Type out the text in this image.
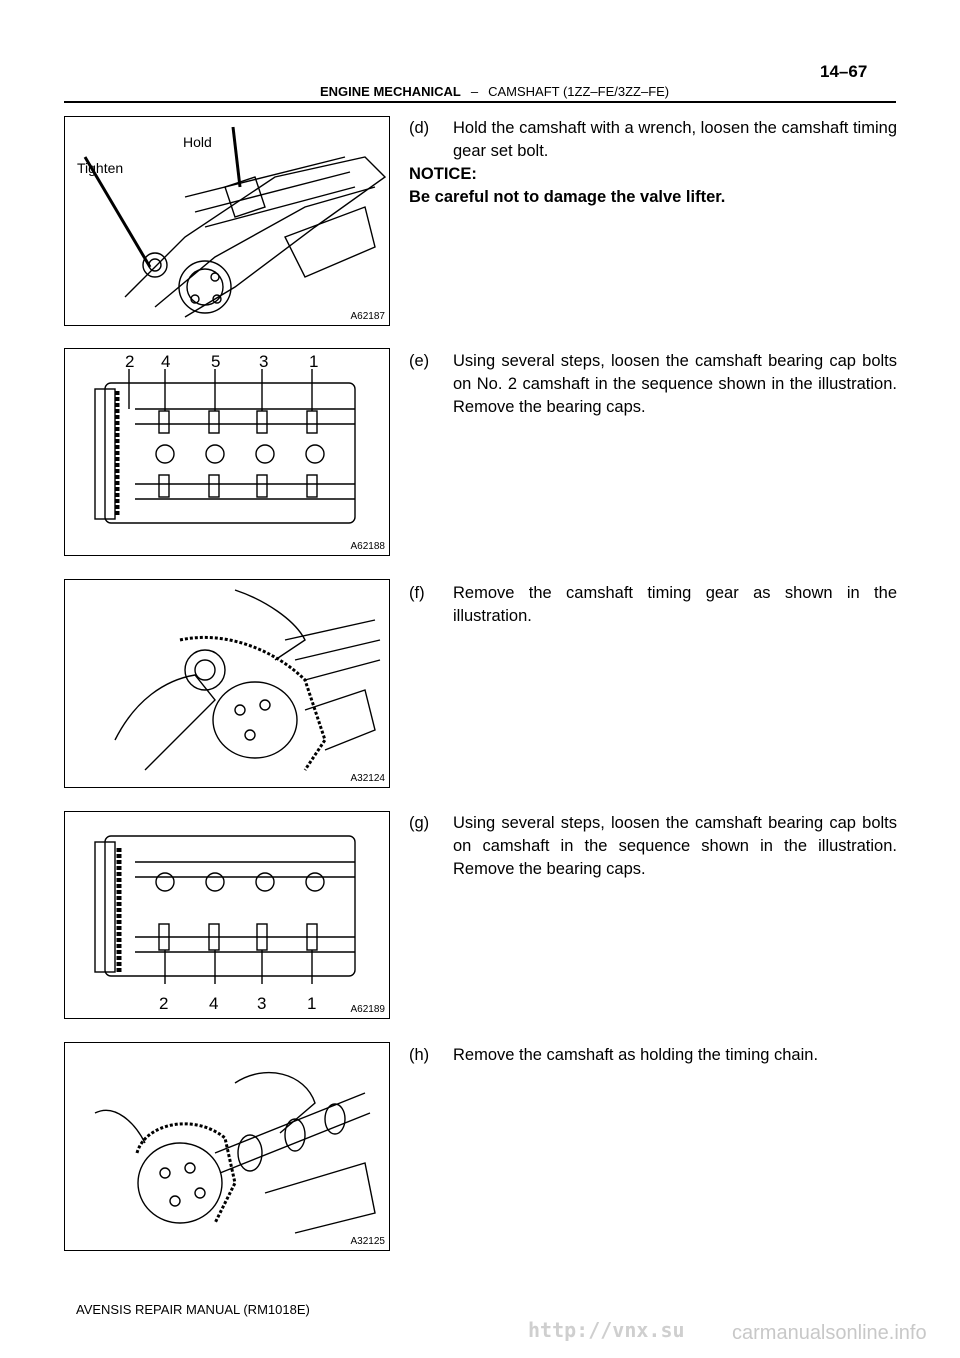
ENGINE MECHANICAL – CAMSHAFT (1ZZ–FE/3ZZ–FE)
14–67
Hold
Tighten
A62187
2 4 5 3 1
A62188
A32124
2 4 3 1	A62189
A32125
(d) Hold the camshaft with a wrench, loosen the camshaft timing gear set bolt.
NOTICE:
Be careful not to damage the valve lifter.
(e) Using several steps, loosen the camshaft bearing cap bolts on No. 2 camshaft in the sequence shown in the illustration. Remove the bearing caps.
(f) Remove the camshaft timing gear as shown in the illustration.
(g) Using several steps, loosen the camshaft bearing cap bolts on camshaft in the sequence shown in the illustration. Remove the bearing caps.
(h) Remove the camshaft as holding the timing chain.
AVENSIS REPAIR MANUAL (RM1018E)
http://vnx.su carmanualsonline.info
